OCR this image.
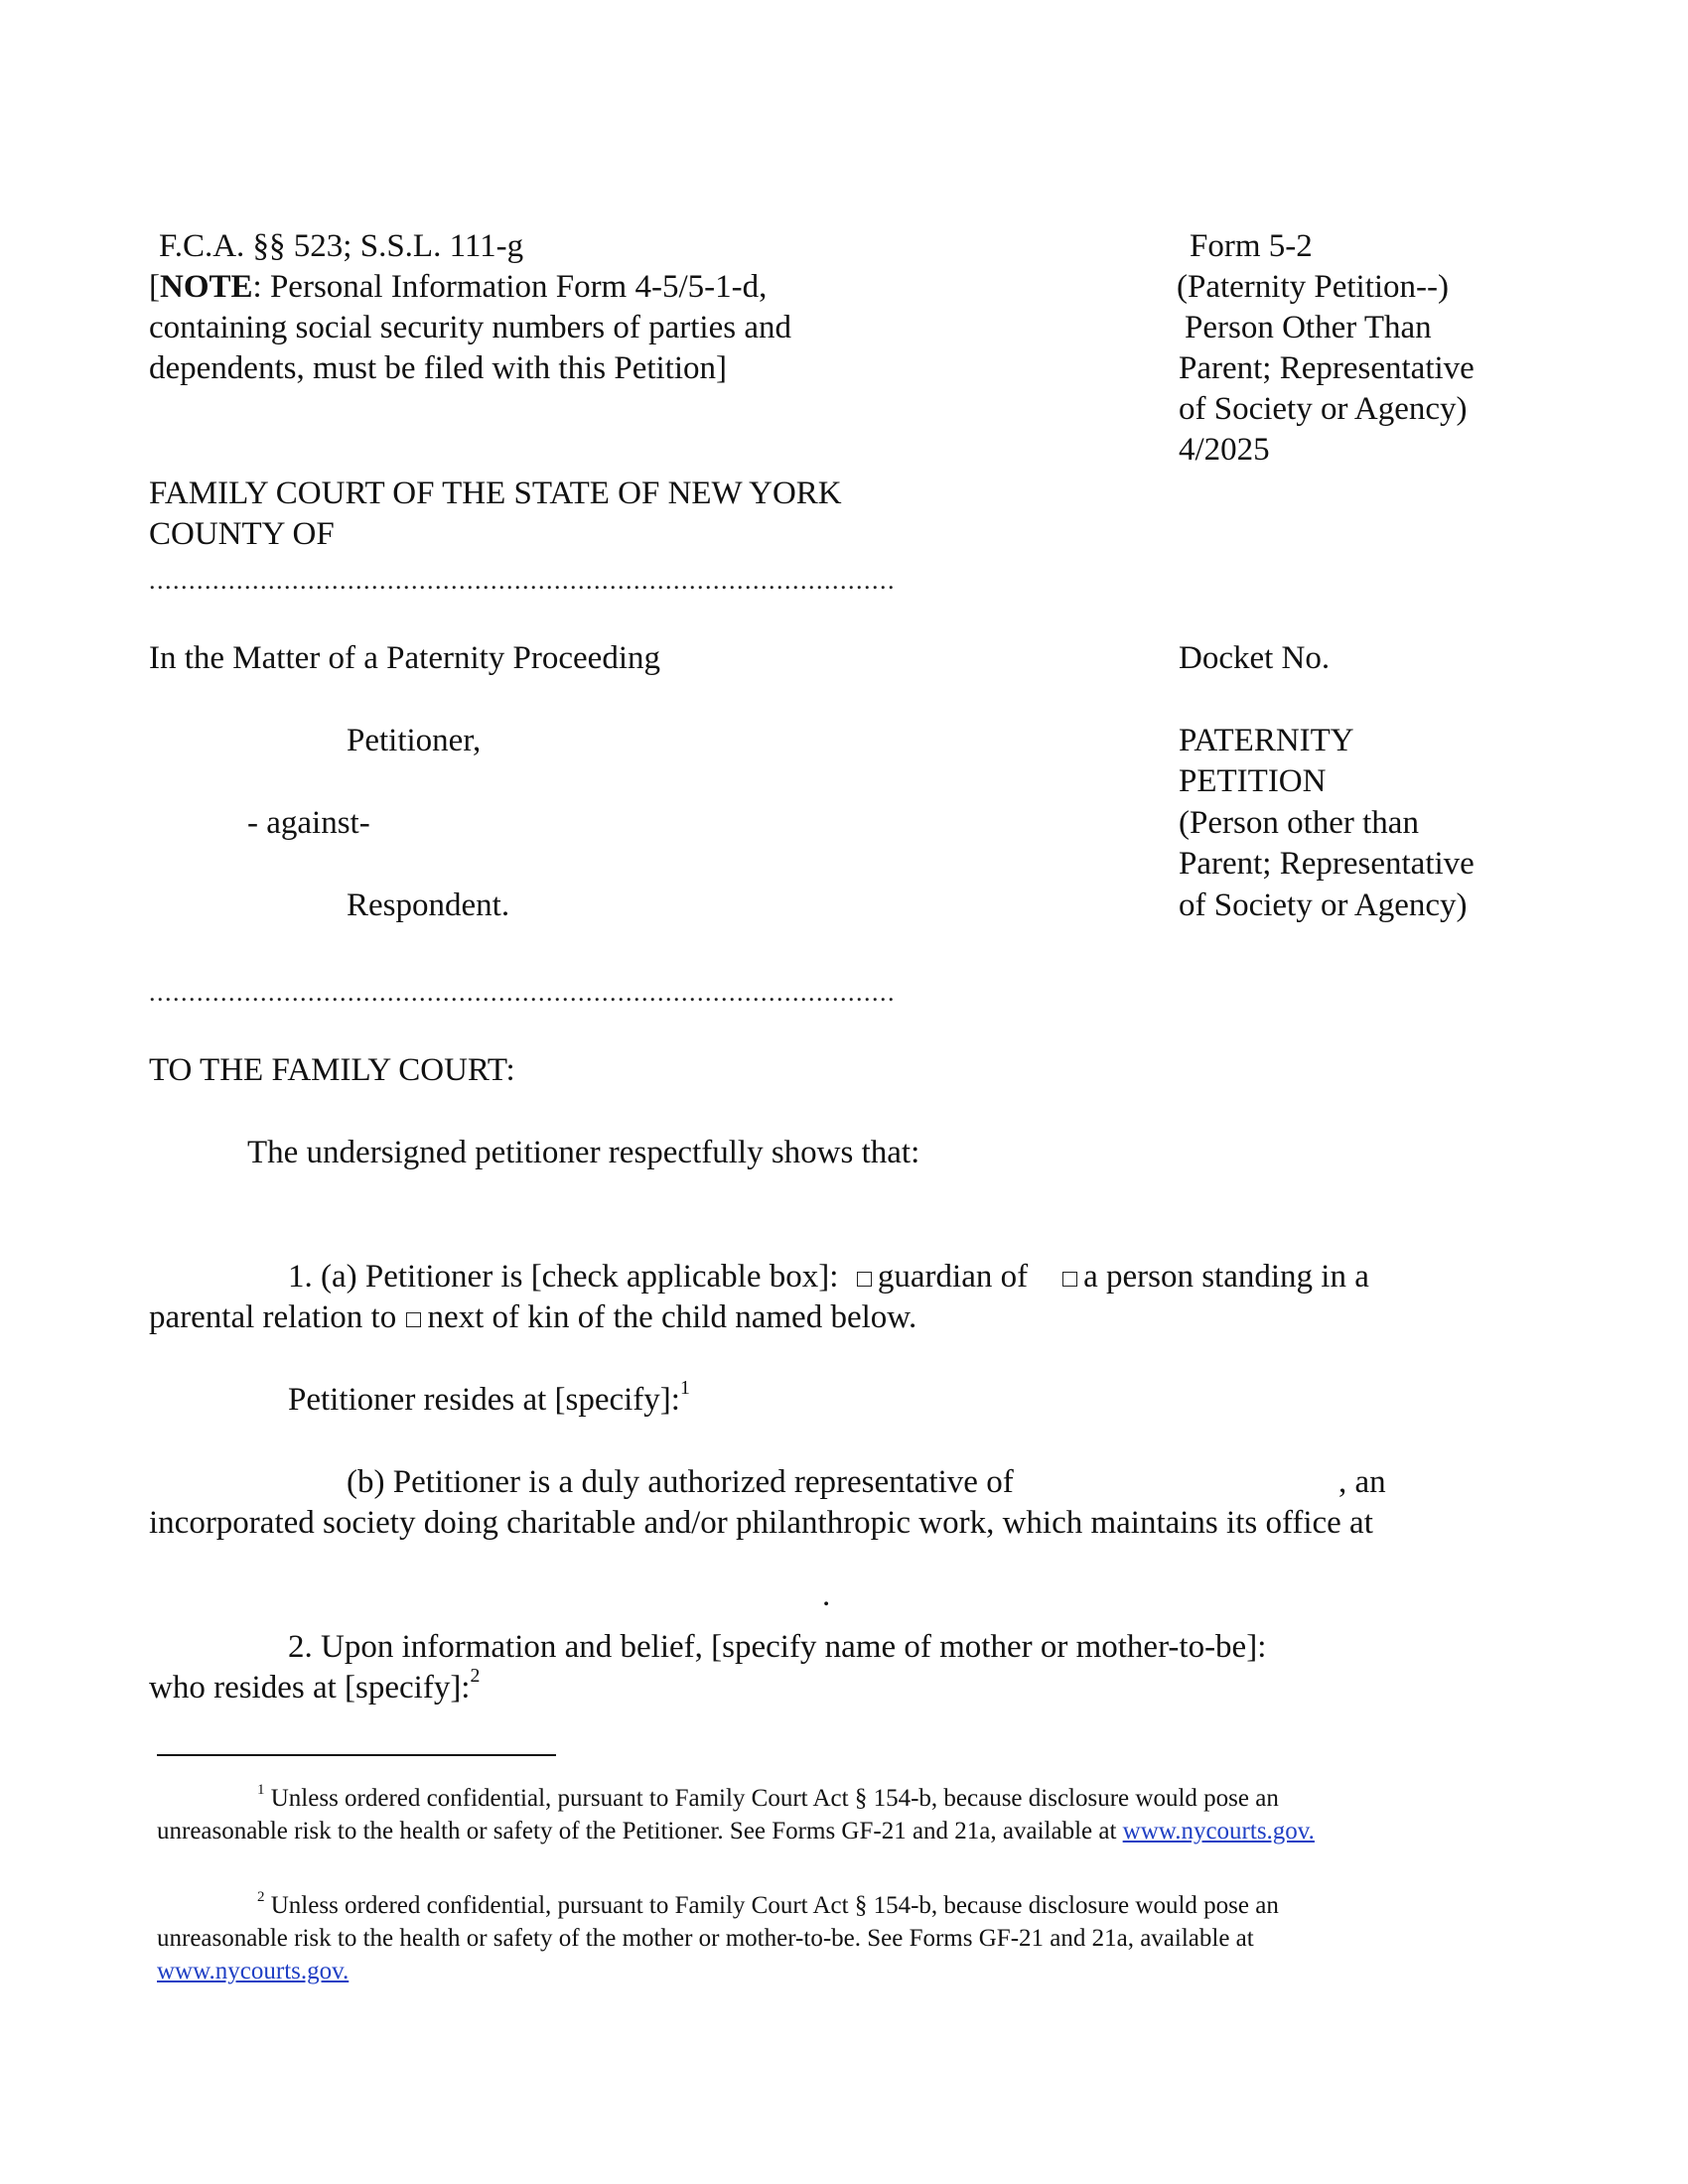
F.C.A. §§ 523; S.S.L. 111-g
[NOTE: Personal Information Form 4-5/5-1-d,
containing social security numbers of parties and
dependents, must be filed with this Petition]
Form 5-2
(Paternity Petition--)
Person Other Than
Parent; Representative
of Society or Agency)
4/2025
FAMILY COURT OF THE STATE OF NEW YORK
COUNTY OF
..............................................................................................
In the Matter of a Paternity Proceeding
Petitioner,
- against-
Respondent.
Docket No.
PATERNITY
PETITION
(Person other than
Parent; Representative
of Society or Agency)
..............................................................................................
TO THE FAMILY COURT:
The undersigned petitioner respectfully shows that:
1. (a) Petitioner is [check applicable box]: guardian of a person standing in a
parental relation to next of kin of the child named below.
Petitioner resides at [specify]:$^1$
(b) Petitioner is a duly authorized representative of	, an
incorporated society doing charitable and/or philanthropic work, which maintains its office at
.
2. Upon information and belief, [specify name of mother or mother-to-be]:
who resides at [specify]:$^2$
$^1$ Unless ordered confidential, pursuant to Family Court Act § 154-b, because disclosure would pose an
unreasonable risk to the health or safety of the Petitioner. See Forms GF-21 and 21a, available at www.nycourts.gov.
$^2$ Unless ordered confidential, pursuant to Family Court Act § 154-b, because disclosure would pose an
unreasonable risk to the health or safety of the mother or mother-to-be. See Forms GF-21 and 21a, available at
www.nycourts.gov.
